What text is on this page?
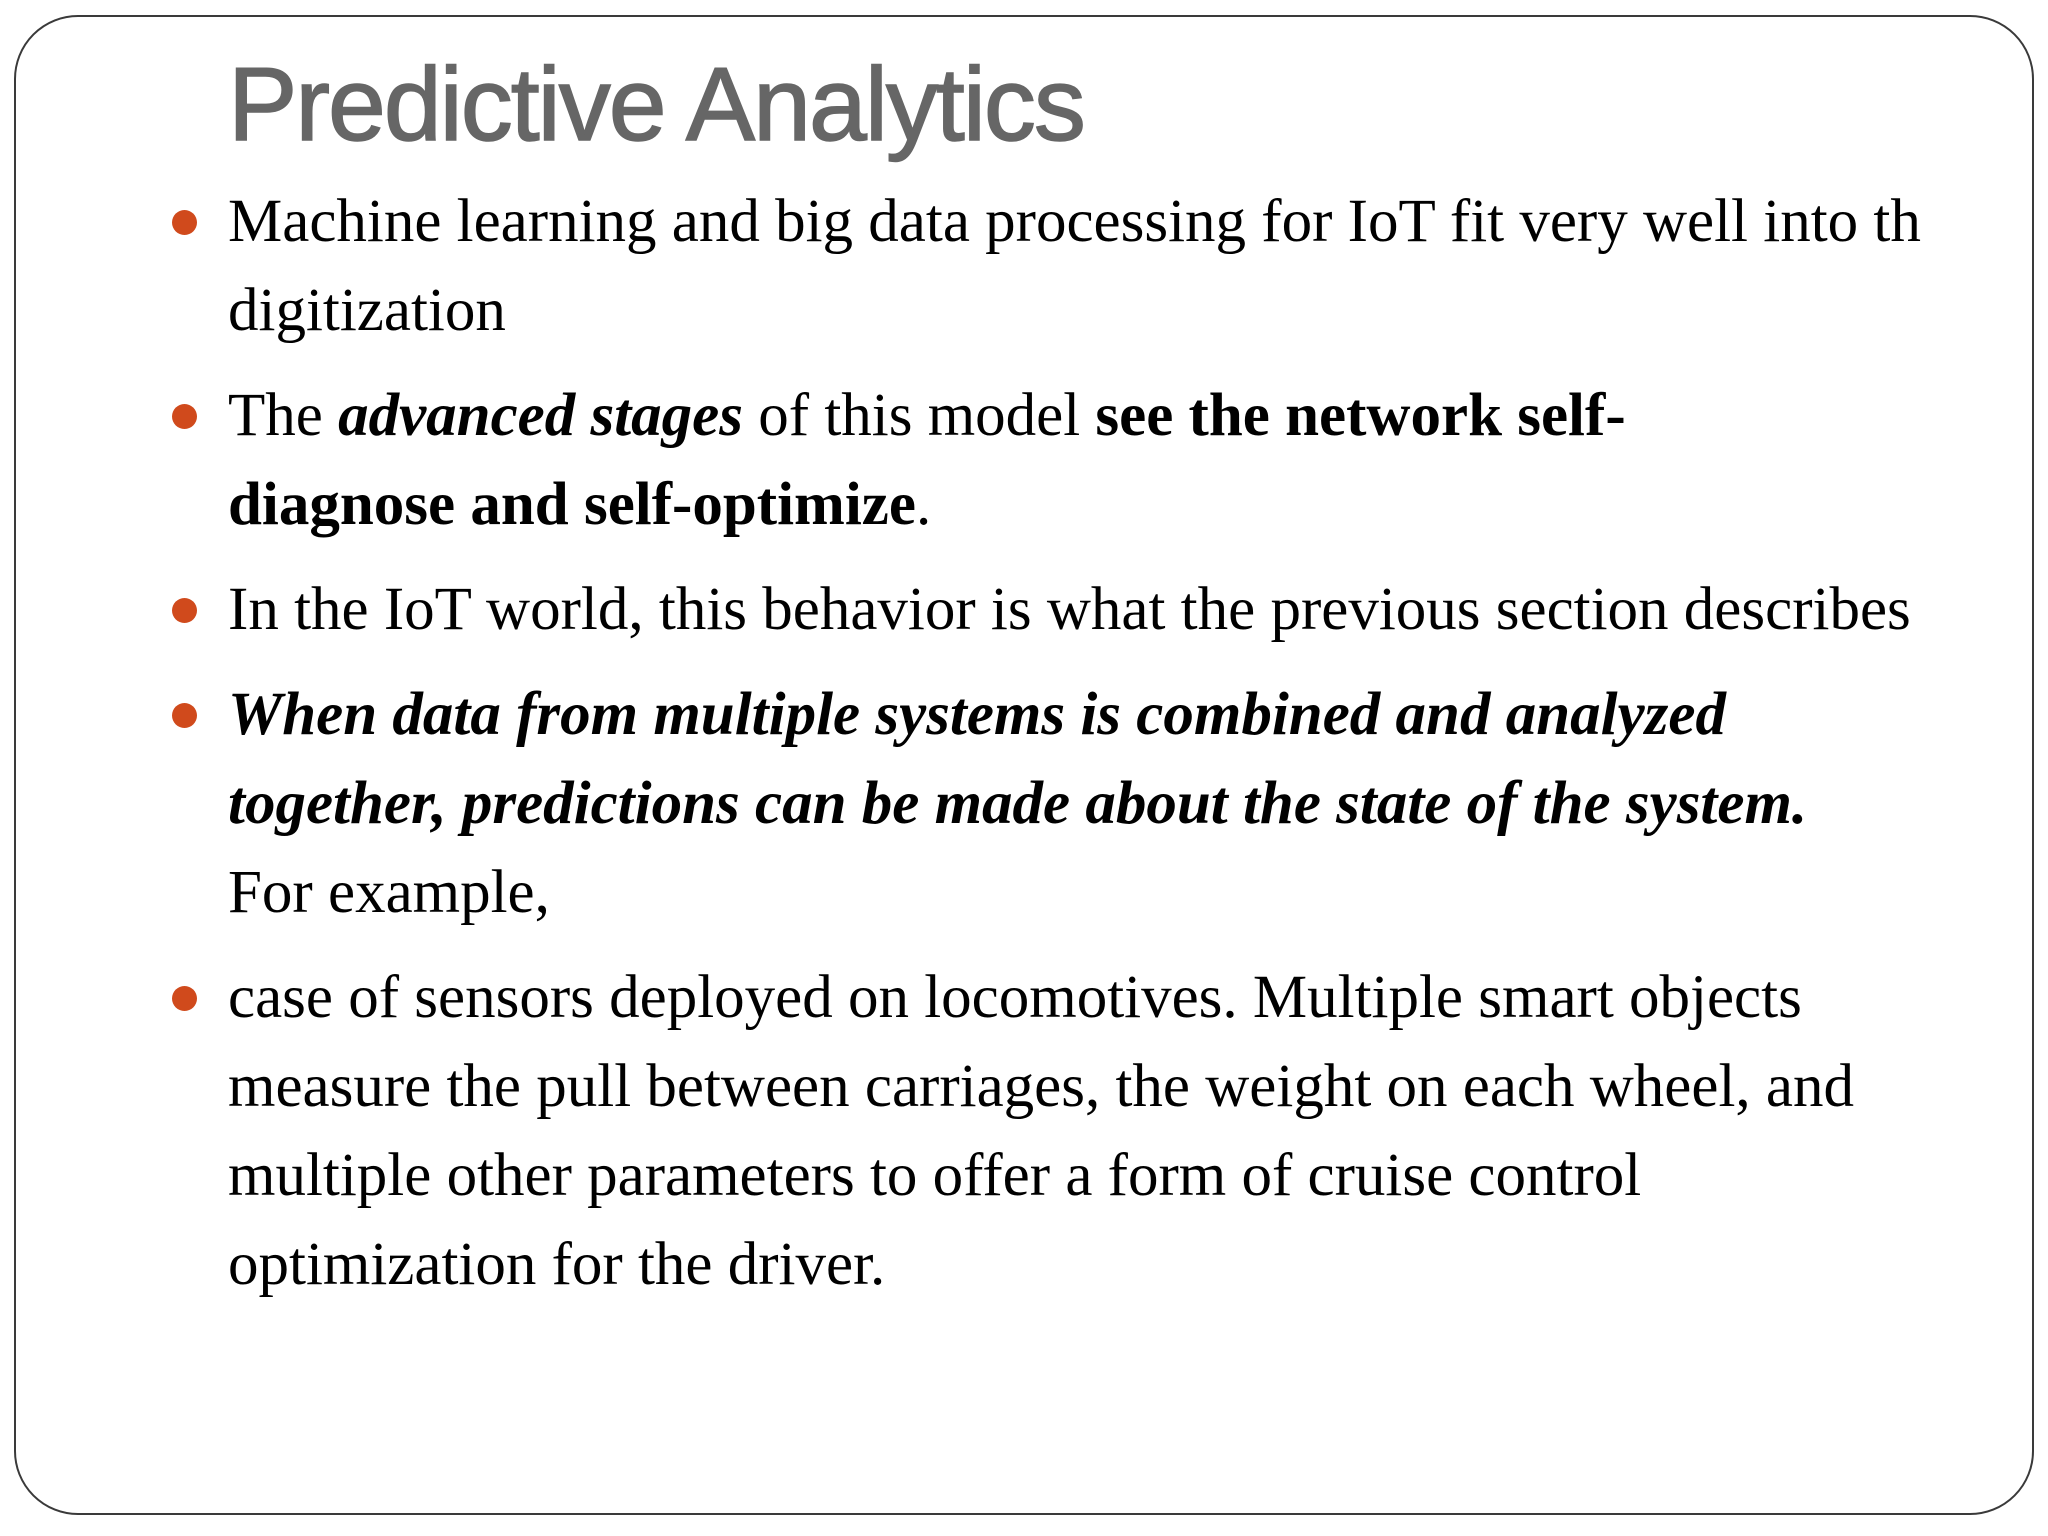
Predictive Analytics
Machine learning and big data processing for IoT fit very well into th
digitization
The advanced stages of this model see the network self-
diagnose and self-optimize.
In the IoT world, this behavior is what the previous section describes
When data from multiple systems is combined and analyzed
together, predictions can be made about the state of the system.
For example,
case of sensors deployed on locomotives. Multiple smart objects
measure the pull between carriages, the weight on each wheel, and
multiple other parameters to offer a form of cruise control
optimization for the driver.
